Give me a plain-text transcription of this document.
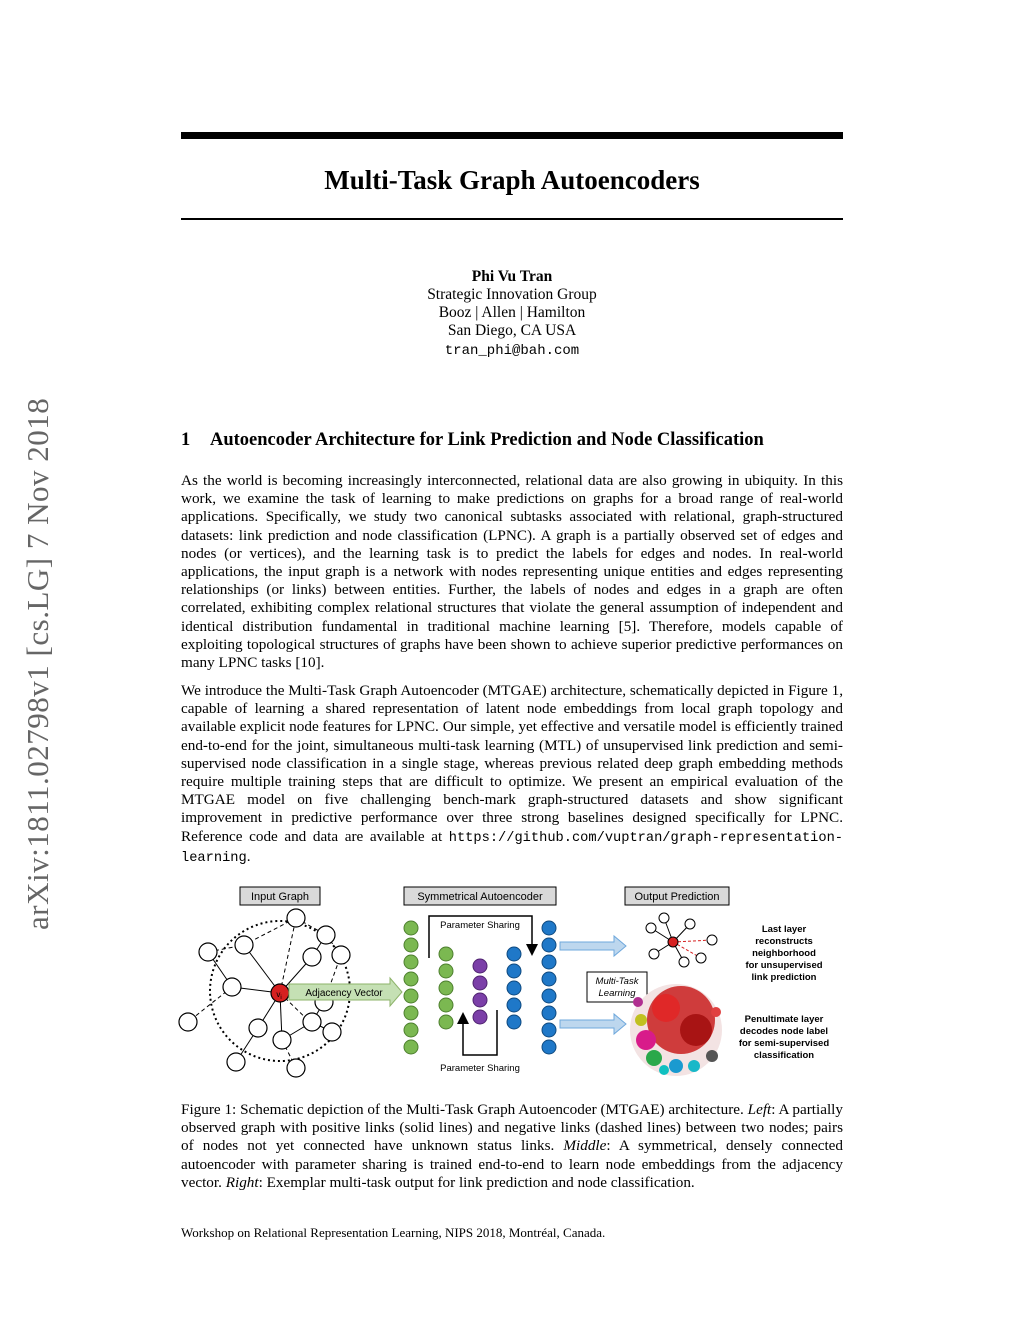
arXiv:1811.02798v1 [cs.LG] 7 Nov 2018
Multi-Task Graph Autoencoders
Phi Vu Tran
Strategic Innovation Group
Booz | Allen | Hamilton
San Diego, CA USA
tran_phi@bah.com
1 Autoencoder Architecture for Link Prediction and Node Classification
As the world is becoming increasingly interconnected, relational data are also growing in ubiquity. In this work, we examine the task of learning to make predictions on graphs for a broad range of real-world applications. Specifically, we study two canonical subtasks associated with relational, graph-structured datasets: link prediction and node classification (LPNC). A graph is a partially observed set of edges and nodes (or vertices), and the learning task is to predict the labels for edges and nodes. In real-world applications, the input graph is a network with nodes representing unique entities and edges representing relationships (or links) between entities. Further, the labels of nodes and edges in a graph are often correlated, exhibiting complex relational structures that violate the general assumption of independent and identical distribution fundamental in traditional machine learning [5]. Therefore, models capable of exploiting topological structures of graphs have been shown to achieve superior predictive performances on many LPNC tasks [10].
We introduce the Multi-Task Graph Autoencoder (MTGAE) architecture, schematically depicted in Figure 1, capable of learning a shared representation of latent node embeddings from local graph topology and available explicit node features for LPNC. Our simple, yet effective and versatile model is efficiently trained end-to-end for the joint, simultaneous multi-task learning (MTL) of unsupervised link prediction and semi-supervised node classification in a single stage, whereas previous related deep graph embedding methods require multiple training steps that are difficult to optimize. We present an empirical evaluation of the MTGAE model on five challenging bench-mark graph-structured datasets and show significant improvement in predictive performance over three strong baselines designed specifically for LPNC. Reference code and data are available at https://github.com/vuptran/graph-representation-learning.
Input Graph	Symmetrical Autoencoder	Output Prediction
$v_i$ Adjacency Vector
Parameter Sharing
Parameter Sharing
Multi-Task
Learning
Last layer
reconstructs
neighborhood
for unsupervised
link prediction
Penultimate layer
decodes node label
for semi-supervised
classification
Figure 1: Schematic depiction of the Multi-Task Graph Autoencoder (MTGAE) architecture. Left: A partially observed graph with positive links (solid lines) and negative links (dashed lines) between two nodes; pairs of nodes not yet connected have unknown status links. Middle: A symmetrical, densely connected autoencoder with parameter sharing is trained end-to-end to learn node embeddings from the adjacency vector. Right: Exemplar multi-task output for link prediction and node classification.
Workshop on Relational Representation Learning, NIPS 2018, Montréal, Canada.
